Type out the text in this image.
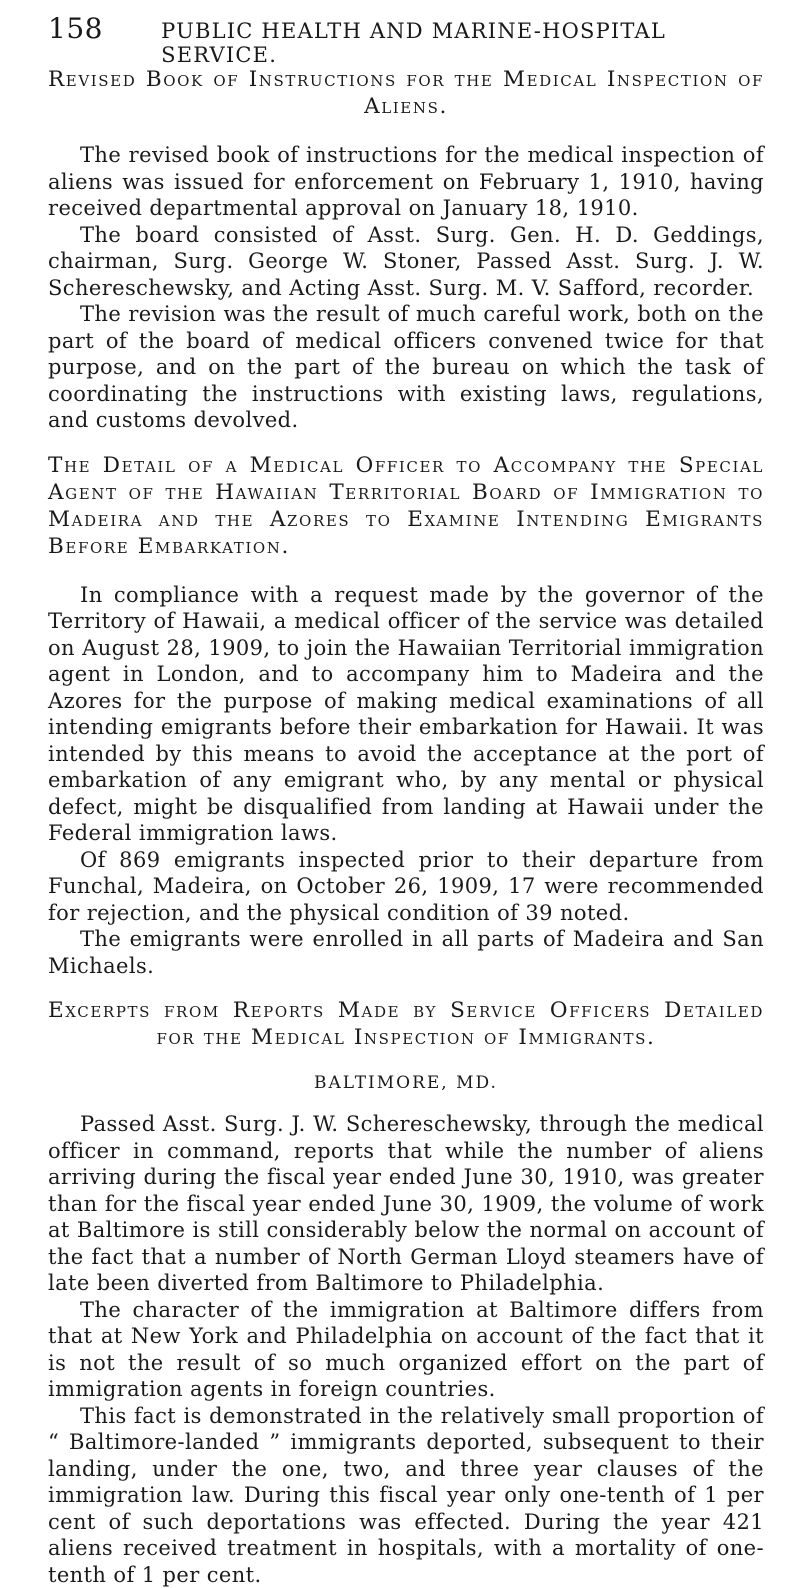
158	PUBLIC HEALTH AND MARINE-HOSPITAL SERVICE.
Revised Book of Instructions for the Medical Inspection of Aliens.

The revised book of instructions for the medical inspection of aliens was issued for enforcement on February 1, 1910, having received departmental approval on January 18, 1910.

The board consisted of Asst. Surg. Gen. H. D. Geddings, chairman, Surg. George W. Stoner, Passed Asst. Surg. J. W. Schereschewsky, and Acting Asst. Surg. M. V. Safford, recorder.

The revision was the result of much careful work, both on the part of the board of medical officers convened twice for that purpose, and on the part of the bureau on which the task of coordinating the instructions with existing laws, regulations, and customs devolved.

The Detail of a Medical Officer to Accompany the Special Agent of the Hawaiian Territorial Board of Immigration to Madeira and the Azores to Examine Intending Emigrants Before Embarkation.

In compliance with a request made by the governor of the Territory of Hawaii, a medical officer of the service was detailed on August 28, 1909, to join the Hawaiian Territorial immigration agent in London, and to accompany him to Madeira and the Azores for the purpose of making medical examinations of all intending emigrants before their embarkation for Hawaii. It was intended by this means to avoid the acceptance at the port of embarkation of any emigrant who, by any mental or physical defect, might be disqualified from landing at Hawaii under the Federal immigration laws.

Of 869 emigrants inspected prior to their departure from Funchal, Madeira, on October 26, 1909, 17 were recommended for rejection, and the physical condition of 39 noted.

The emigrants were enrolled in all parts of Madeira and San Michaels.

Excerpts from Reports Made by Service Officers Detailed for the Medical Inspection of Immigrants.
BALTIMORE, MD.

Passed Asst. Surg. J. W. Schereschewsky, through the medical officer in command, reports that while the number of aliens arriving during the fiscal year ended June 30, 1910, was greater than for the fiscal year ended June 30, 1909, the volume of work at Baltimore is still considerably below the normal on account of the fact that a number of North German Lloyd steamers have of late been diverted from Baltimore to Philadelphia.

The character of the immigration at Baltimore differs from that at New York and Philadelphia on account of the fact that it is not the result of so much organized effort on the part of immigration agents in foreign countries.

This fact is demonstrated in the relatively small proportion of “ Baltimore-landed ” immigrants deported, subsequent to their landing, under the one, two, and three year clauses of the immigration law. During this fiscal year only one-tenth of 1 per cent of such deportations was effected. During the year 421 aliens received treatment in hospitals, with a mortality of one-tenth of 1 per cent.
